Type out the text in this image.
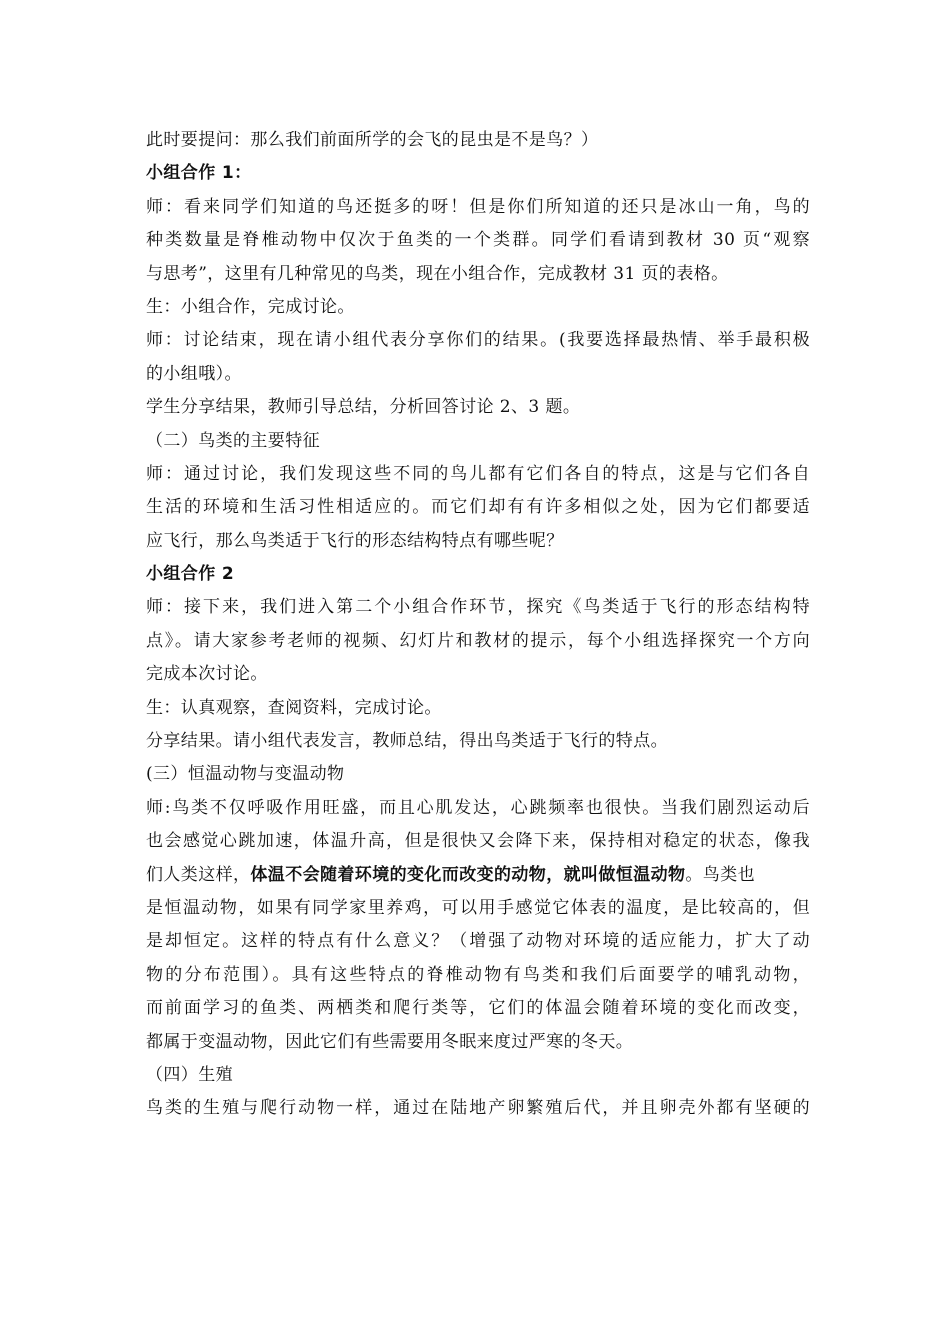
此时要提问：那么我们前面所学的会飞的昆虫是不是鸟？）
小组合作 1：
师：看来同学们知道的鸟还挺多的呀！但是你们所知道的还只是冰山一角，鸟的
种类数量是脊椎动物中仅次于鱼类的一个类群。同学们看请到教材 30 页“观察
与思考”，这里有几种常见的鸟类，现在小组合作，完成教材 31 页的表格。
生：小组合作，完成讨论。
师：讨论结束，现在请小组代表分享你们的结果。(我要选择最热情、举手最积极
的小组哦）。
学生分享结果，教师引导总结，分析回答讨论 2、3 题。
（二）鸟类的主要特征
师：通过讨论，我们发现这些不同的鸟儿都有它们各自的特点，这是与它们各自
生活的环境和生活习性相适应的。而它们却有有许多相似之处，因为它们都要适
应飞行，那么鸟类适于飞行的形态结构特点有哪些呢？
小组合作 2
师：接下来，我们进入第二个小组合作环节，探究《鸟类适于飞行的形态结构特
点》。请大家参考老师的视频、幻灯片和教材的提示，每个小组选择探究一个方向
完成本次讨论。
生：认真观察，查阅资料，完成讨论。
分享结果。请小组代表发言，教师总结，得出鸟类适于飞行的特点。
(三）恒温动物与变温动物
师:鸟类不仅呼吸作用旺盛，而且心肌发达，心跳频率也很快。当我们剧烈运动后
也会感觉心跳加速，体温升高，但是很快又会降下来，保持相对稳定的状态，像我
们人类这样，体温不会随着环境的变化而改变的动物，就叫做恒温动物。鸟类也
是恒温动物，如果有同学家里养鸡，可以用手感觉它体表的温度，是比较高的，但
是却恒定。这样的特点有什么意义？（增强了动物对环境的适应能力，扩大了动
物的分布范围）。具有这些特点的脊椎动物有鸟类和我们后面要学的哺乳动物，
而前面学习的鱼类、两栖类和爬行类等，它们的体温会随着环境的变化而改变，
都属于变温动物，因此它们有些需要用冬眠来度过严寒的冬天。
（四）生殖
鸟类的生殖与爬行动物一样，通过在陆地产卵繁殖后代，并且卵壳外都有坚硬的
